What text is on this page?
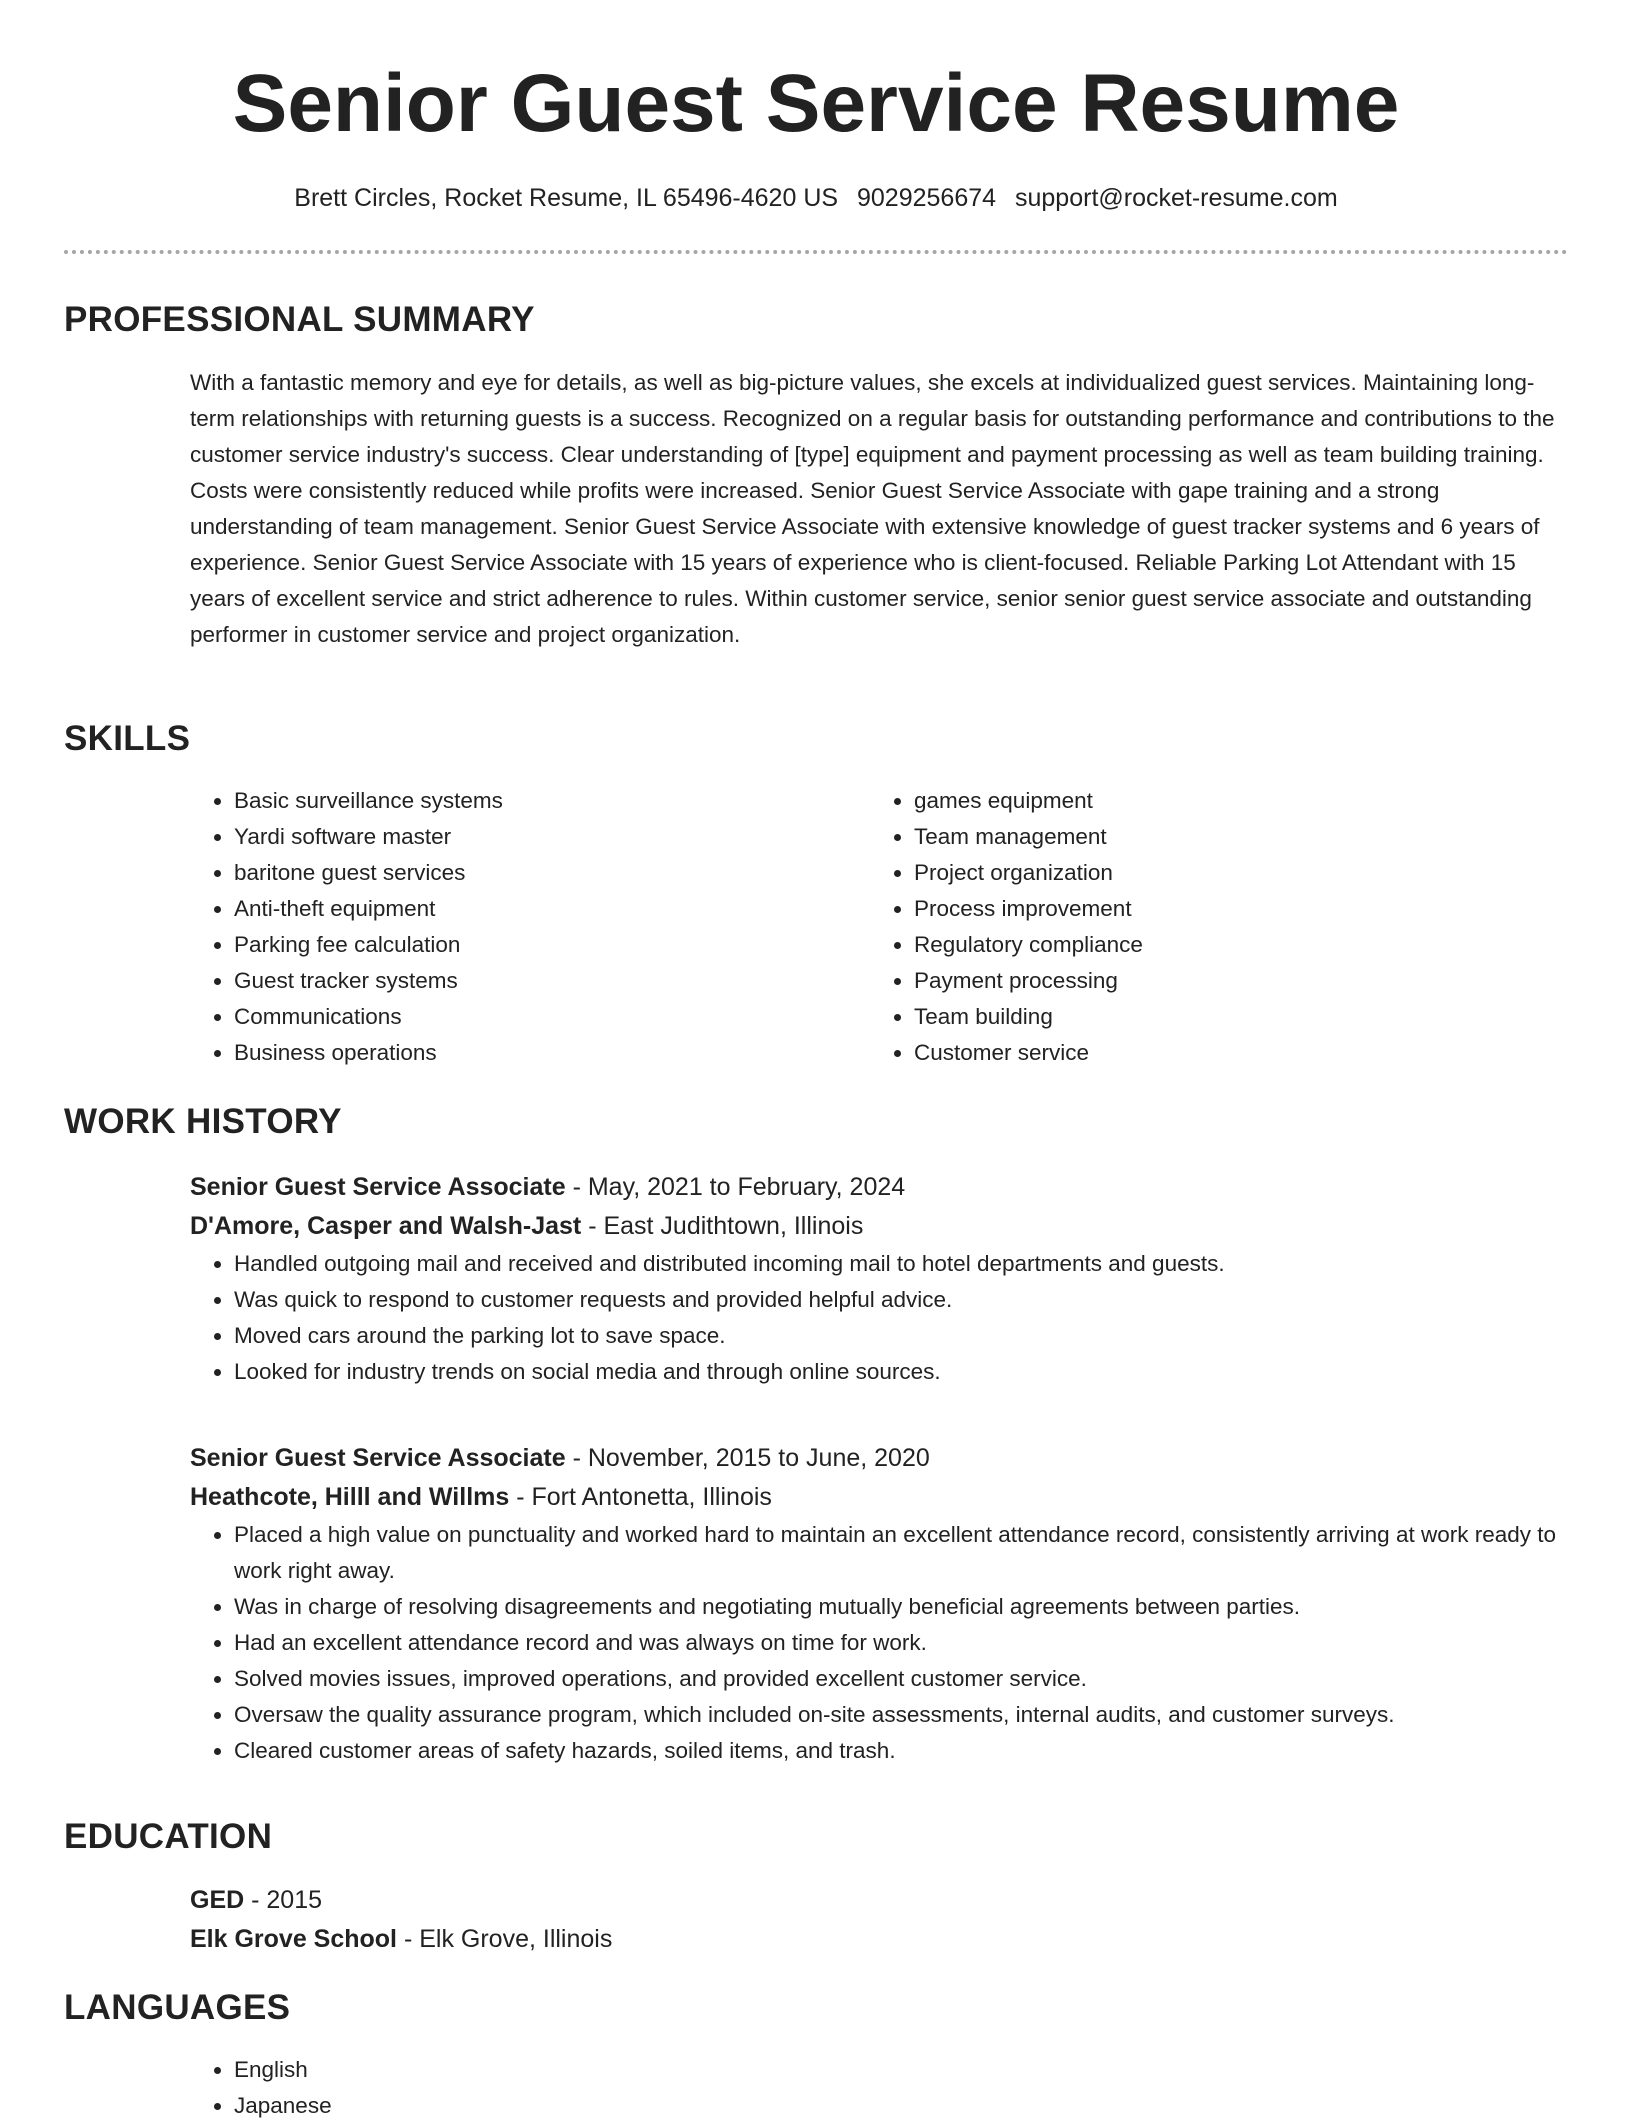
Senior Guest Service Resume
Brett Circles, Rocket Resume, IL 65496-4620 US 9029256674 support@rocket-resume.com
PROFESSIONAL SUMMARY

With a fantastic memory and eye for details, as well as big-picture values, she excels at individualized guest services. Maintaining long-term relationships with returning guests is a success. Recognized on a regular basis for outstanding performance and contributions to the customer service industry's success. Clear understanding of [type] equipment and payment processing as well as team building training. Costs were consistently reduced while profits were increased. Senior Guest Service Associate with gape training and a strong understanding of team management. Senior Guest Service Associate with extensive knowledge of guest tracker systems and 6 years of experience. Senior Guest Service Associate with 15 years of experience who is client-focused. Reliable Parking Lot Attendant with 15 years of excellent service and strict adherence to rules. Within customer service, senior senior guest service associate and outstanding performer in customer service and project organization.

SKILLS
• Basic surveillance systems
• Yardi software master
• baritone guest services
• Anti-theft equipment
• Parking fee calculation
• Guest tracker systems
• Communications
• Business operations
• games equipment
• Team management
• Project organization
• Process improvement
• Regulatory compliance
• Payment processing
• Team building
• Customer service
WORK HISTORY

Senior Guest Service Associate - May, 2021 to February, 2024

D'Amore, Casper and Walsh-Jast - East Judithtown, Illinois

• Handled outgoing mail and received and distributed incoming mail to hotel departments and guests.
• Was quick to respond to customer requests and provided helpful advice.
• Moved cars around the parking lot to save space.
• Looked for industry trends on social media and through online sources.

Senior Guest Service Associate - November, 2015 to June, 2020

Heathcote, Hilll and Willms - Fort Antonetta, Illinois

• Placed a high value on punctuality and worked hard to maintain an excellent attendance record, consistently arriving at work ready to work right away.
• Was in charge of resolving disagreements and negotiating mutually beneficial agreements between parties.
• Had an excellent attendance record and was always on time for work.
• Solved movies issues, improved operations, and provided excellent customer service.
• Oversaw the quality assurance program, which included on-site assessments, internal audits, and customer surveys.
• Cleared customer areas of safety hazards, soiled items, and trash.
EDUCATION

GED - 2015

Elk Grove School - Elk Grove, Illinois

LANGUAGES
• English
• Japanese
